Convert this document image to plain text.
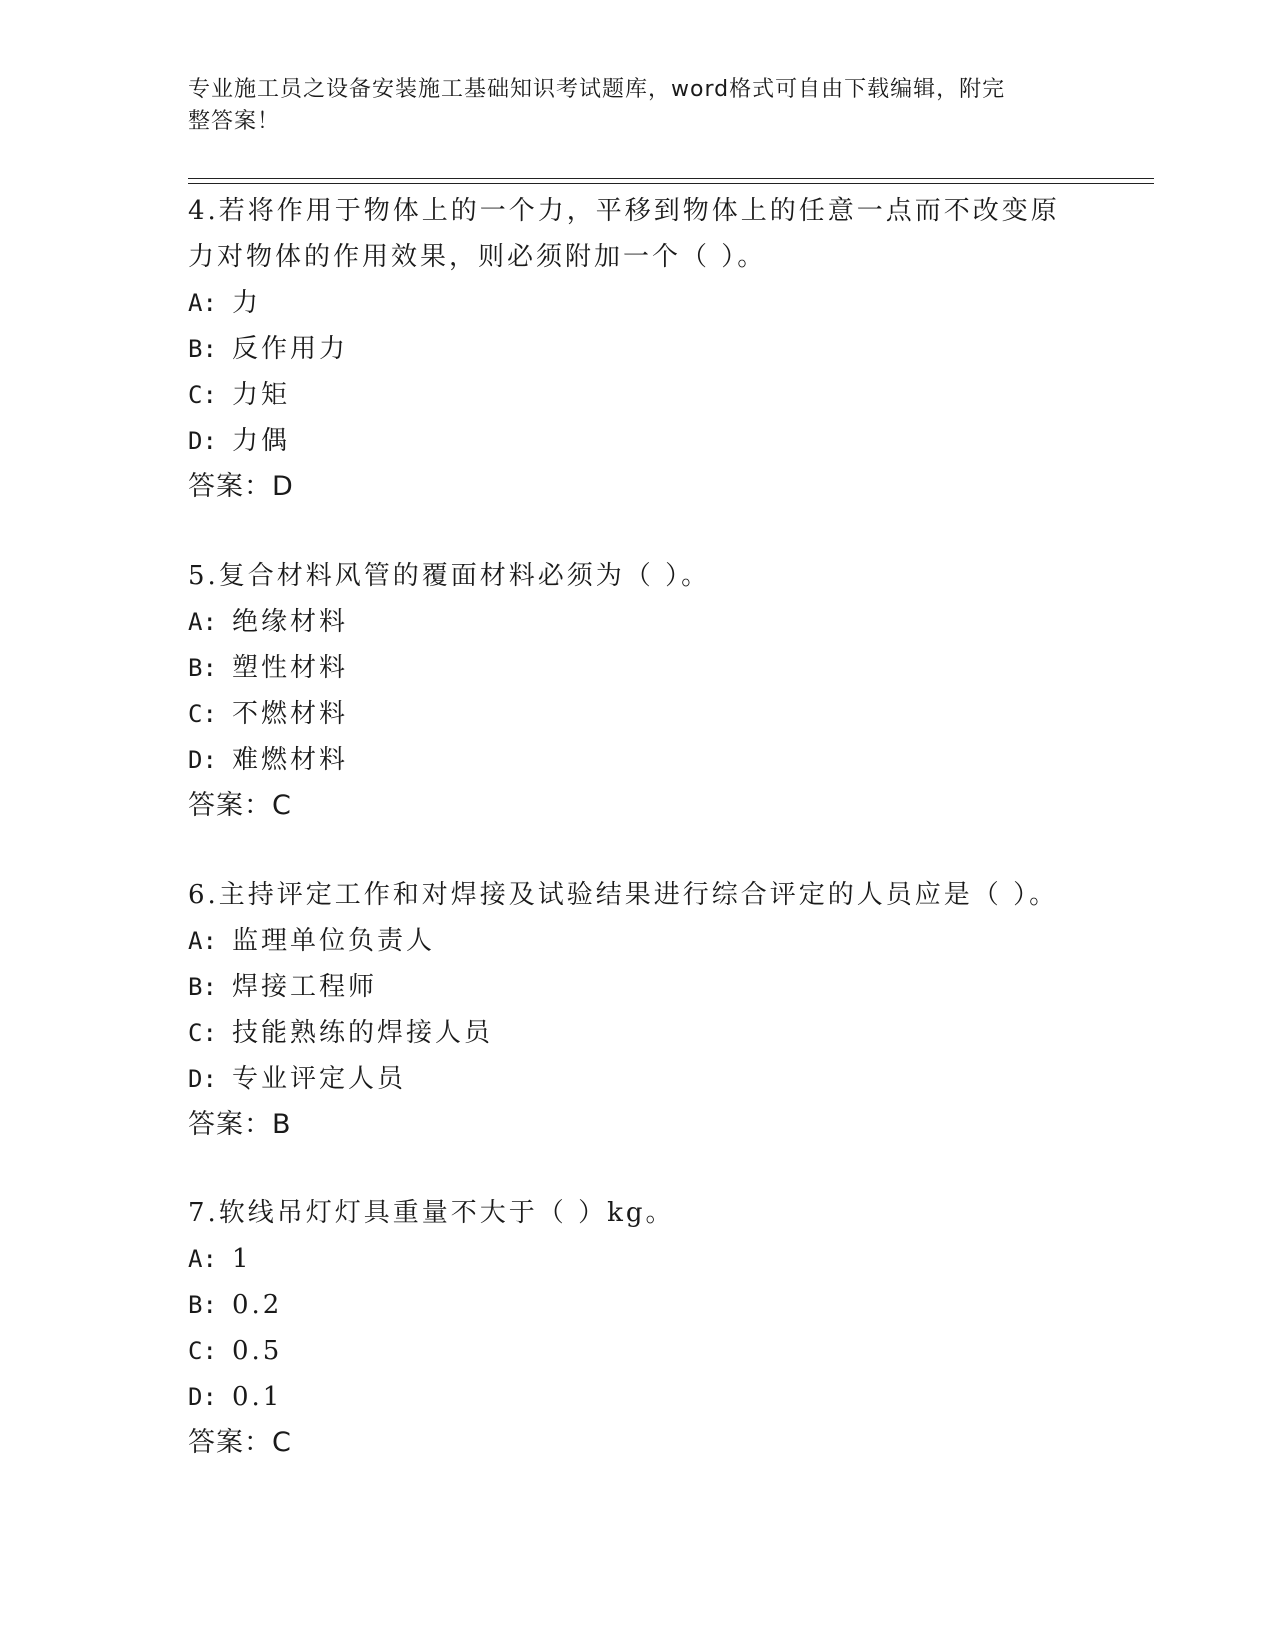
专业施工员之设备安装施工基础知识考试题库，word格式可自由下载编辑，附完
整答案！
4.若将作用于物体上的一个力，平移到物体上的任意一点而不改变原
力对物体的作用效果，则必须附加一个（ ）。
A: 力
B: 反作用力
C: 力矩
D: 力偶
答案：D
5.复合材料风管的覆面材料必须为（ ）。
A: 绝缘材料
B: 塑性材料
C: 不燃材料
D: 难燃材料
答案：C
6.主持评定工作和对焊接及试验结果进行综合评定的人员应是（ ）。
A: 监理单位负责人
B: 焊接工程师
C: 技能熟练的焊接人员
D: 专业评定人员
答案：B
7.软线吊灯灯具重量不大于（ ）kg。
A: 1
B: 0.2
C: 0.5
D: 0.1
答案：C
